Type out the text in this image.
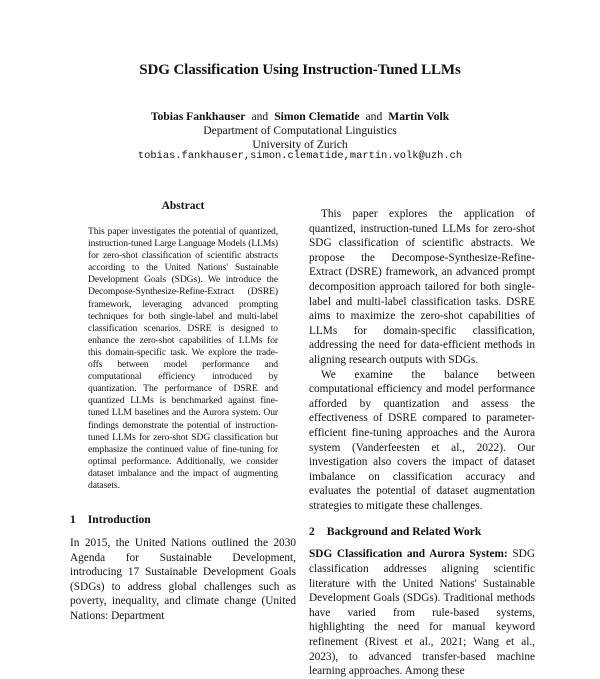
SDG Classification Using Instruction-Tuned LLMs
Tobias Fankhauser and Simon Clematide and Martin Volk
Department of Computational Linguistics
University of Zurich
tobias.fankhauser,simon.clematide,martin.volk@uzh.ch
Abstract

This paper investigates the potential of quantized, instruction-tuned Large Language Models (LLMs) for zero-shot classification of scientific abstracts according to the United Nations' Sustainable Development Goals (SDGs). We introduce the Decompose-Synthesize-Refine-Extract (DSRE) framework, leveraging advanced prompting techniques for both single-label and multi-label classification scenarios. DSRE is designed to enhance the zero-shot capabilities of LLMs for this domain-specific task. We explore the trade-offs between model performance and computational efficiency introduced by quantization. The performance of DSRE and quantized LLMs is benchmarked against fine-tuned LLM baselines and the Aurora system. Our findings demonstrate the potential of instruction-tuned LLMs for zero-shot SDG classification but emphasize the continued value of fine-tuning for optimal performance. Additionally, we consider dataset imbalance and the impact of augmenting datasets.

1 Introduction

In 2015, the United Nations outlined the 2030 Agenda for Sustainable Development, introducing 17 Sustainable Development Goals (SDGs) to address global challenges such as poverty, inequality, and climate change (United Nations: Department

This paper explores the application of quantized, instruction-tuned LLMs for zero-shot SDG classification of scientific abstracts. We propose the Decompose-Synthesize-Refine-Extract (DSRE) framework, an advanced prompt decomposition approach tailored for both single-label and multi-label classification tasks. DSRE aims to maximize the zero-shot capabilities of LLMs for domain-specific classification, addressing the need for data-efficient methods in aligning research outputs with SDGs.

We examine the balance between computational efficiency and model performance afforded by quantization and assess the effectiveness of DSRE compared to parameter-efficient fine-tuning approaches and the Aurora system (Vanderfeesten et al., 2022). Our investigation also covers the impact of dataset imbalance on classification accuracy and evaluates the potential of dataset augmentation strategies to mitigate these challenges.

2 Background and Related Work

SDG Classification and Aurora System: SDG classification addresses aligning scientific literature with the United Nations' Sustainable Development Goals (SDGs). Traditional methods have varied from rule-based systems, highlighting the need for manual keyword refinement (Rivest et al., 2021; Wang et al., 2023), to advanced transfer-based machine learning approaches. Among these
